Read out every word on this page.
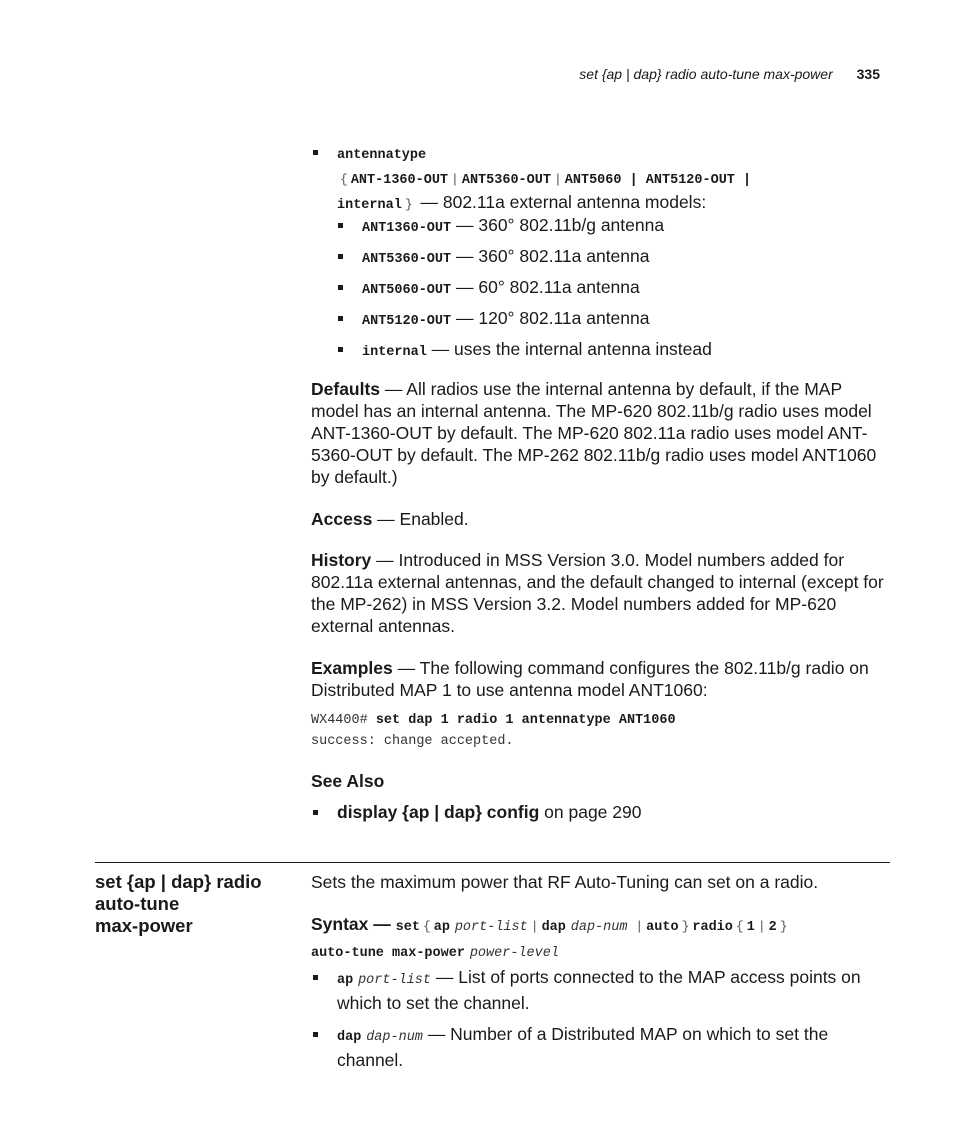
set {ap | dap} radio auto-tune max-power 335
antennatype
{ ANT-1360-OUT | ANT5360-OUT | ANT5060 | ANT5120-OUT |
internal } — 802.11a external antenna models:
ANT1360-OUT — 360° 802.11b/g antenna
ANT5360-OUT — 360° 802.11a antenna
ANT5060-OUT — 60° 802.11a antenna
ANT5120-OUT — 120° 802.11a antenna
internal — uses the internal antenna instead
Defaults — All radios use the internal antenna by default, if the MAP model has an internal antenna. The MP-620 802.11b/g radio uses model ANT-1360-OUT by default. The MP-620 802.11a radio uses model ANT-5360-OUT by default. The MP-262 802.11b/g radio uses model ANT1060 by default.)
Access — Enabled.
History — Introduced in MSS Version 3.0. Model numbers added for 802.11a external antennas, and the default changed to internal (except for the MP-262) in MSS Version 3.2. Model numbers added for MP-620 external antennas.
Examples — The following command configures the 802.11b/g radio on Distributed MAP 1 to use antenna model ANT1060:
WX4400# set dap 1 radio 1 antennatype ANT1060
success: change accepted.
See Also
display {ap | dap} config on page 290
set {ap | dap} radio
auto-tune
max-power
Sets the maximum power that RF Auto-Tuning can set on a radio.
Syntax — set { ap port-list | dap dap-num | auto } radio { 1 | 2 }
auto-tune max-power power-level
ap port-list — List of ports connected to the MAP access points on which to set the channel.
dap dap-num — Number of a Distributed MAP on which to set the channel.
